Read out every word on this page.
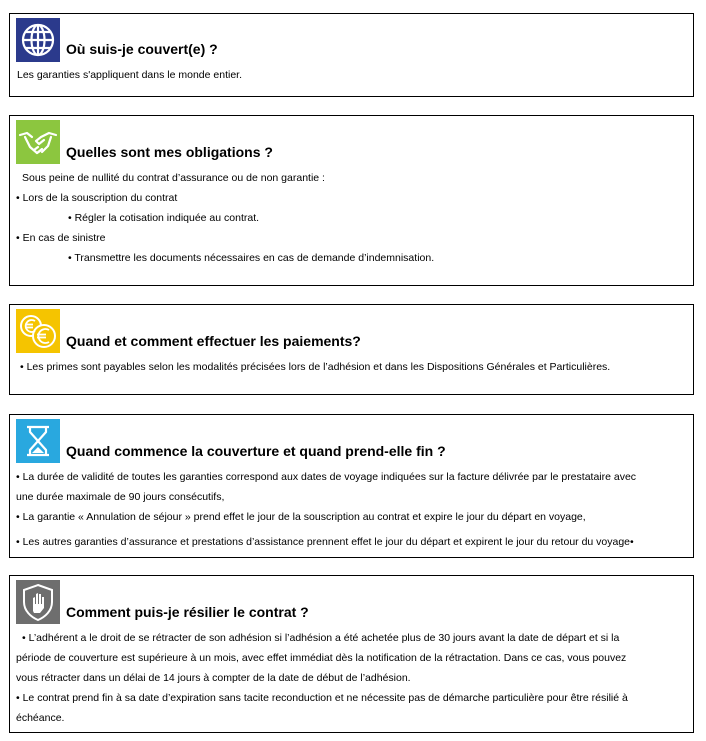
Où suis-je couvert(e) ?
Les garanties s'appliquent dans le monde entier.
Quelles sont mes obligations ?
Sous peine de nullité du contrat d’assurance ou de non garantie :
• Lors de la souscription du contrat
• Régler la cotisation indiquée au contrat.
• En cas de sinistre
• Transmettre les documents nécessaires en cas de demande d’indemnisation.
Quand et comment effectuer les paiements?
• Les primes sont payables selon les modalités précisées lors de l’adhésion et dans les Dispositions Générales et Particulières.
Quand commence la couverture et quand prend-elle fin ?
• La durée de validité de toutes les garanties correspond aux dates de voyage indiquées sur la facture délivrée par le prestataire avec
une durée maximale de 90 jours consécutifs,
• La garantie « Annulation de séjour » prend effet le jour de la souscription au contrat et expire le jour du départ en voyage,
• Les autres garanties d’assurance et prestations d’assistance prennent effet le jour du départ et expirent le jour du retour du voyage•
Comment puis-je résilier le contrat ?
• L’adhérent a le droit de se rétracter de son adhésion si l’adhésion a été achetée plus de 30 jours avant la date de départ et si la
période de couverture est supérieure à un mois, avec effet immédiat dès la notification de la rétractation. Dans ce cas, vous pouvez
vous rétracter dans un délai de 14 jours à compter de la date de début de l’adhésion.
• Le contrat prend fin à sa date d’expiration sans tacite reconduction et ne nécessite pas de démarche particulière pour être résilié à
échéance.
